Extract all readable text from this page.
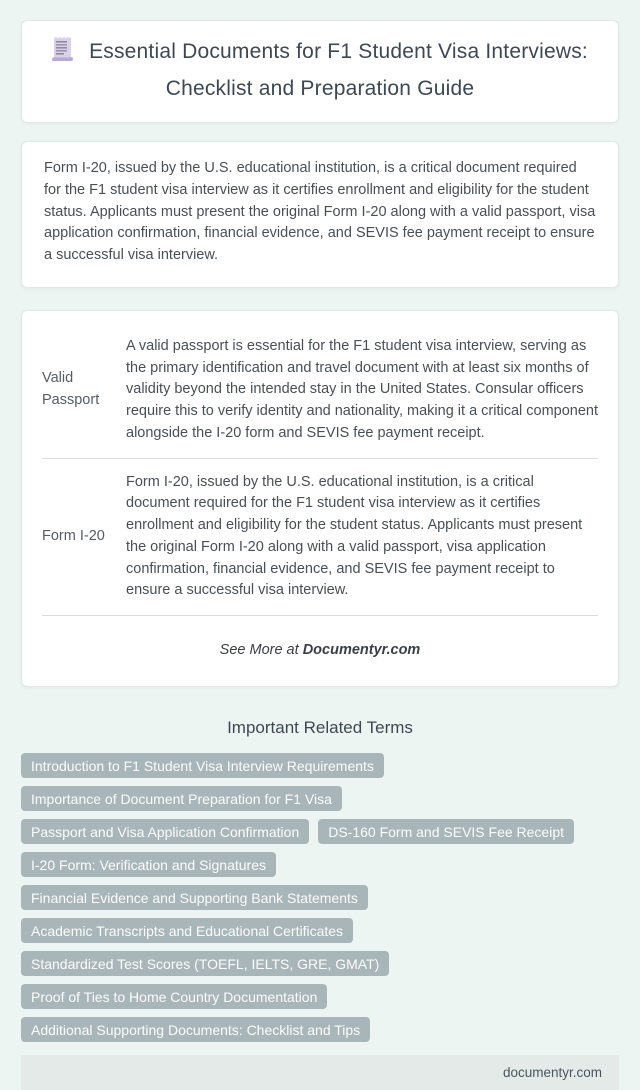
Essential Documents for F1 Student Visa Interviews: Checklist and Preparation Guide

Form I-20, issued by the U.S. educational institution, is a critical document required for the F1 student visa interview as it certifies enrollment and eligibility for the student status. Applicants must present the original Form I-20 along with a valid passport, visa application confirmation, financial evidence, and SEVIS fee payment receipt to ensure a successful visa interview.

Valid Passport	A valid passport is essential for the F1 student visa interview, serving as the primary identification and travel document with at least six months of validity beyond the intended stay in the United States. Consular officers require this to verify identity and nationality, making it a critical component alongside the I-20 form and SEVIS fee payment receipt.
Form I-20	Form I-20, issued by the U.S. educational institution, is a critical document required for the F1 student visa interview as it certifies enrollment and eligibility for the student status. Applicants must present the original Form I-20 along with a valid passport, visa application confirmation, financial evidence, and SEVIS fee payment receipt to ensure a successful visa interview.

See More at Documentyr.com

Important Related Terms
Introduction to F1 Student Visa Interview Requirements
Importance of Document Preparation for F1 Visa
Passport and Visa Application Confirmation	DS-160 Form and SEVIS Fee Receipt
I-20 Form: Verification and Signatures
Financial Evidence and Supporting Bank Statements
Academic Transcripts and Educational Certificates
Standardized Test Scores (TOEFL, IELTS, GRE, GMAT)
Proof of Ties to Home Country Documentation
Additional Supporting Documents: Checklist and Tips
documentyr.com
